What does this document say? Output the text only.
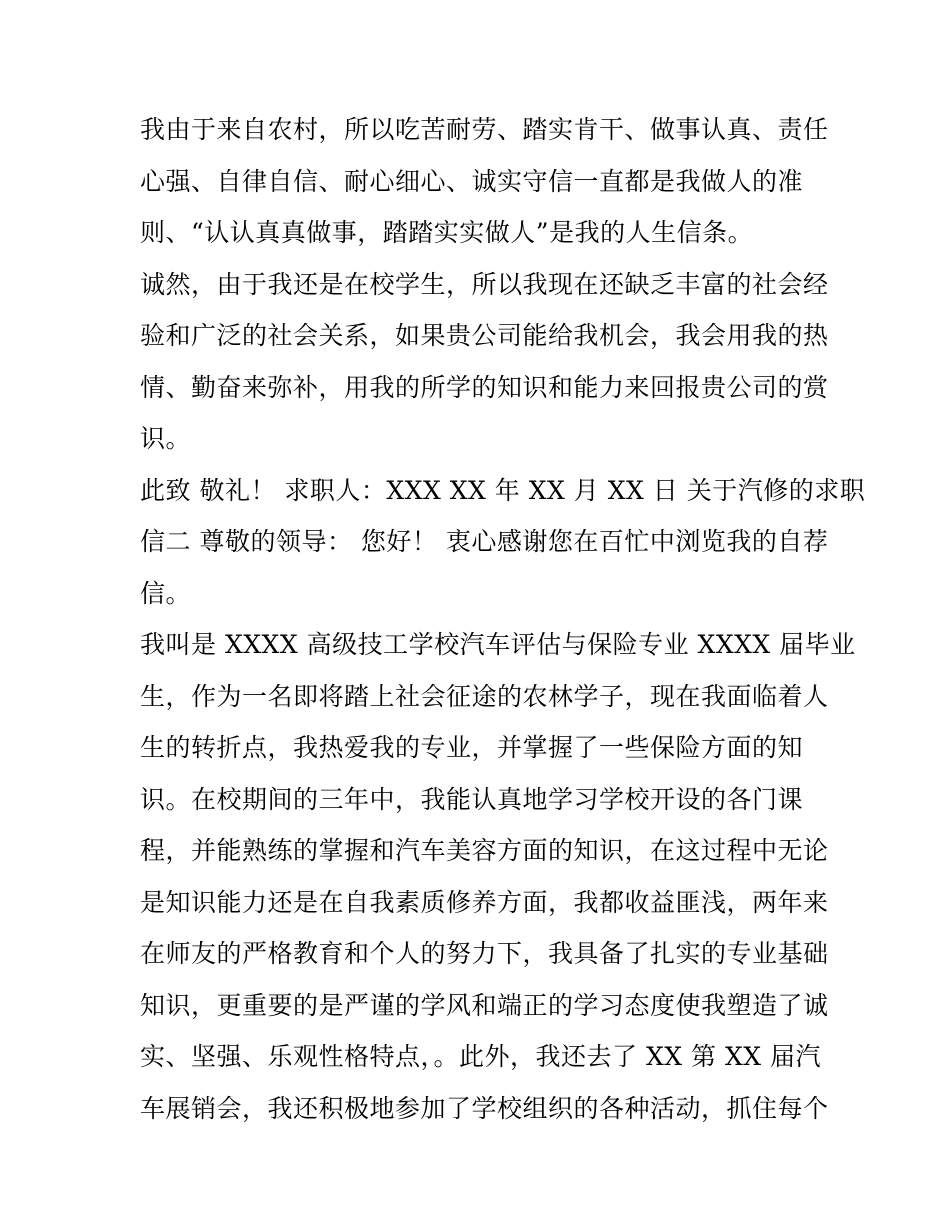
我由于来自农村，所以吃苦耐劳、踏实肯干、做事认真、责任
心强、自律自信、耐心细心、诚实守信一直都是我做人的准
则、“认认真真做事，踏踏实实做人”是我的人生信条。
诚然，由于我还是在校学生，所以我现在还缺乏丰富的社会经
验和广泛的社会关系，如果贵公司能给我机会，我会用我的热
情、勤奋来弥补，用我的所学的知识和能力来回报贵公司的赏
识。
此致 敬礼！ 求职人：XXX XX 年 XX 月 XX 日 关于汽修的求职
信二 尊敬的领导： 您好！ 衷心感谢您在百忙中浏览我的自荐
信。
我叫是 XXXX 高级技工学校汽车评估与保险专业 XXXX 届毕业
生，作为一名即将踏上社会征途的农林学子，现在我面临着人
生的转折点，我热爱我的专业，并掌握了一些保险方面的知
识。在校期间的三年中，我能认真地学习学校开设的各门课
程，并能熟练的掌握和汽车美容方面的知识，在这过程中无论
是知识能力还是在自我素质修养方面，我都收益匪浅，两年来
在师友的严格教育和个人的努力下，我具备了扎实的专业基础
知识，更重要的是严谨的学风和端正的学习态度使我塑造了诚
实、坚强、乐观性格特点，。此外，我还去了 XX 第 XX 届汽
车展销会，我还积极地参加了学校组织的各种活动，抓住每个
